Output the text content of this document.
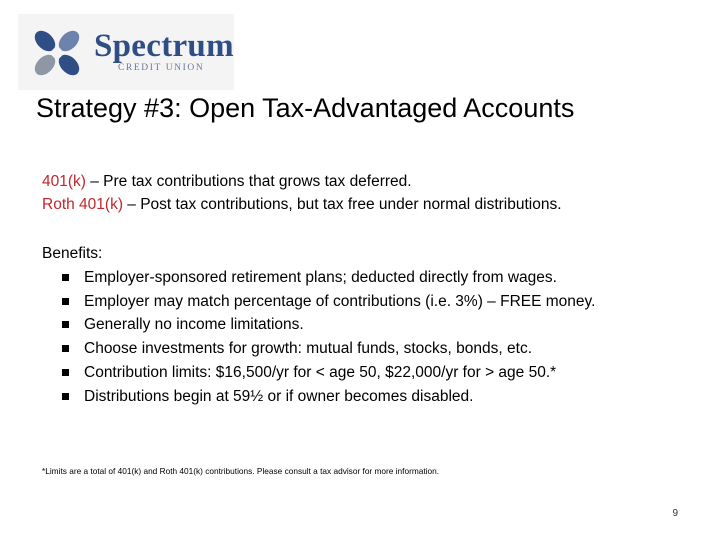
Spectrum
CREDIT UNION
Strategy #3: Open Tax-Advantaged Accounts
401(k) – Pre tax contributions that grows tax deferred.
Roth 401(k) – Post tax contributions, but tax free under normal distributions.
Benefits:
Employer-sponsored retirement plans; deducted directly from wages.
Employer may match percentage of contributions (i.e. 3%) – FREE money.
Generally no income limitations.
Choose investments for growth: mutual funds, stocks, bonds, etc.
Contribution limits: $16,500/yr for < age 50, $22,000/yr for > age 50.*
Distributions begin at 59½ or if owner becomes disabled.
*Limits are a total of 401(k) and Roth 401(k) contributions. Please consult a tax advisor for more information.
9
